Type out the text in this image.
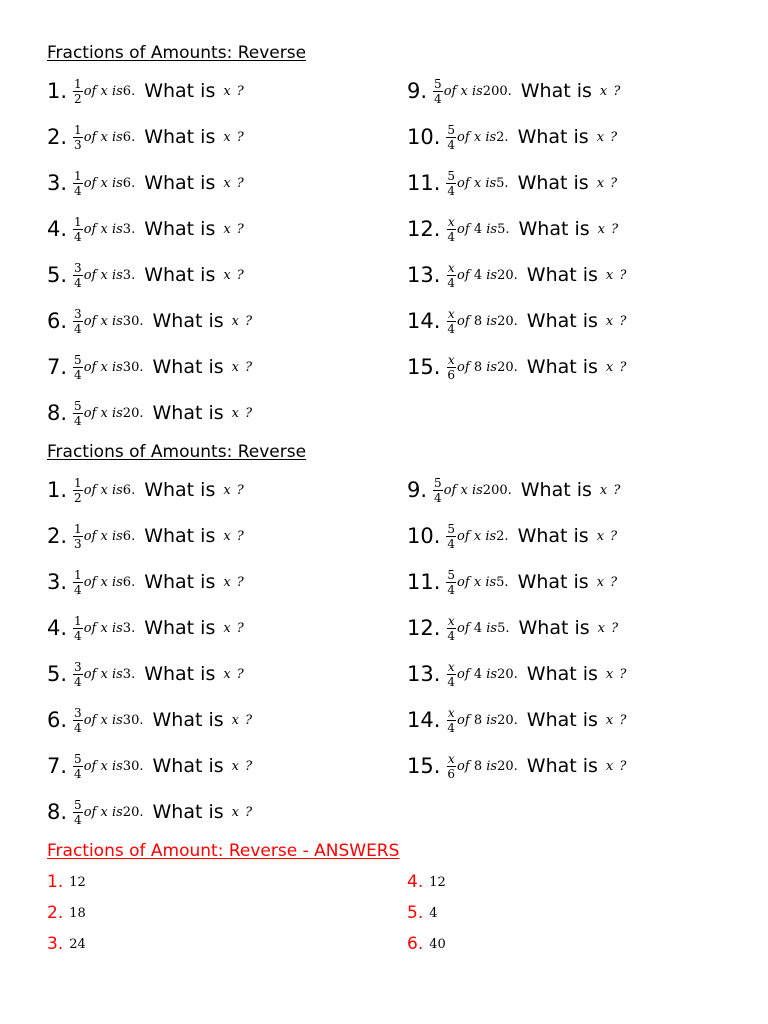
Fractions of Amounts: Reverse
1. $\frac{1}{2}$ of x is6. What is x ?
2. $\frac{1}{3}$ of x is6. What is x ?
3. $\frac{1}{4}$ of x is6. What is x ?
4. $\frac{1}{4}$ of x is3. What is x ?
5. $\frac{3}{4}$ of x is3. What is x ?
6. $\frac{3}{4}$ of x is30. What is x ?
7. $\frac{5}{4}$ of x is30. What is x ?
8. $\frac{5}{4}$ of x is20. What is x ?
9. $\frac{5}{4}$ of x is200. What is x ?
10. $\frac{5}{4}$ of x is2. What is x ?
11. $\frac{5}{4}$ of x is5. What is x ?
12. $\frac{x}{4}$ of 4 is5. What is x ?
13. $\frac{x}{4}$ of 4 is20. What is x ?
14. $\frac{x}{4}$ of 8 is20. What is x ?
15. $\frac{x}{6}$ of 8 is20. What is x ?
Fractions of Amounts: Reverse
1. $\frac{1}{2}$ of x is6. What is x ?
2. $\frac{1}{3}$ of x is6. What is x ?
3. $\frac{1}{4}$ of x is6. What is x ?
4. $\frac{1}{4}$ of x is3. What is x ?
5. $\frac{3}{4}$ of x is3. What is x ?
6. $\frac{3}{4}$ of x is30. What is x ?
7. $\frac{5}{4}$ of x is30. What is x ?
8. $\frac{5}{4}$ of x is20. What is x ?
9. $\frac{5}{4}$ of x is200. What is x ?
10. $\frac{5}{4}$ of x is2. What is x ?
11. $\frac{5}{4}$ of x is5. What is x ?
12. $\frac{x}{4}$ of 4 is5. What is x ?
13. $\frac{x}{4}$ of 4 is20. What is x ?
14. $\frac{x}{4}$ of 8 is20. What is x ?
15. $\frac{x}{6}$ of 8 is20. What is x ?
Fractions of Amount: Reverse - ANSWERS
1. 12
2. 18
3. 24
4. 12
5. 4
6. 40
